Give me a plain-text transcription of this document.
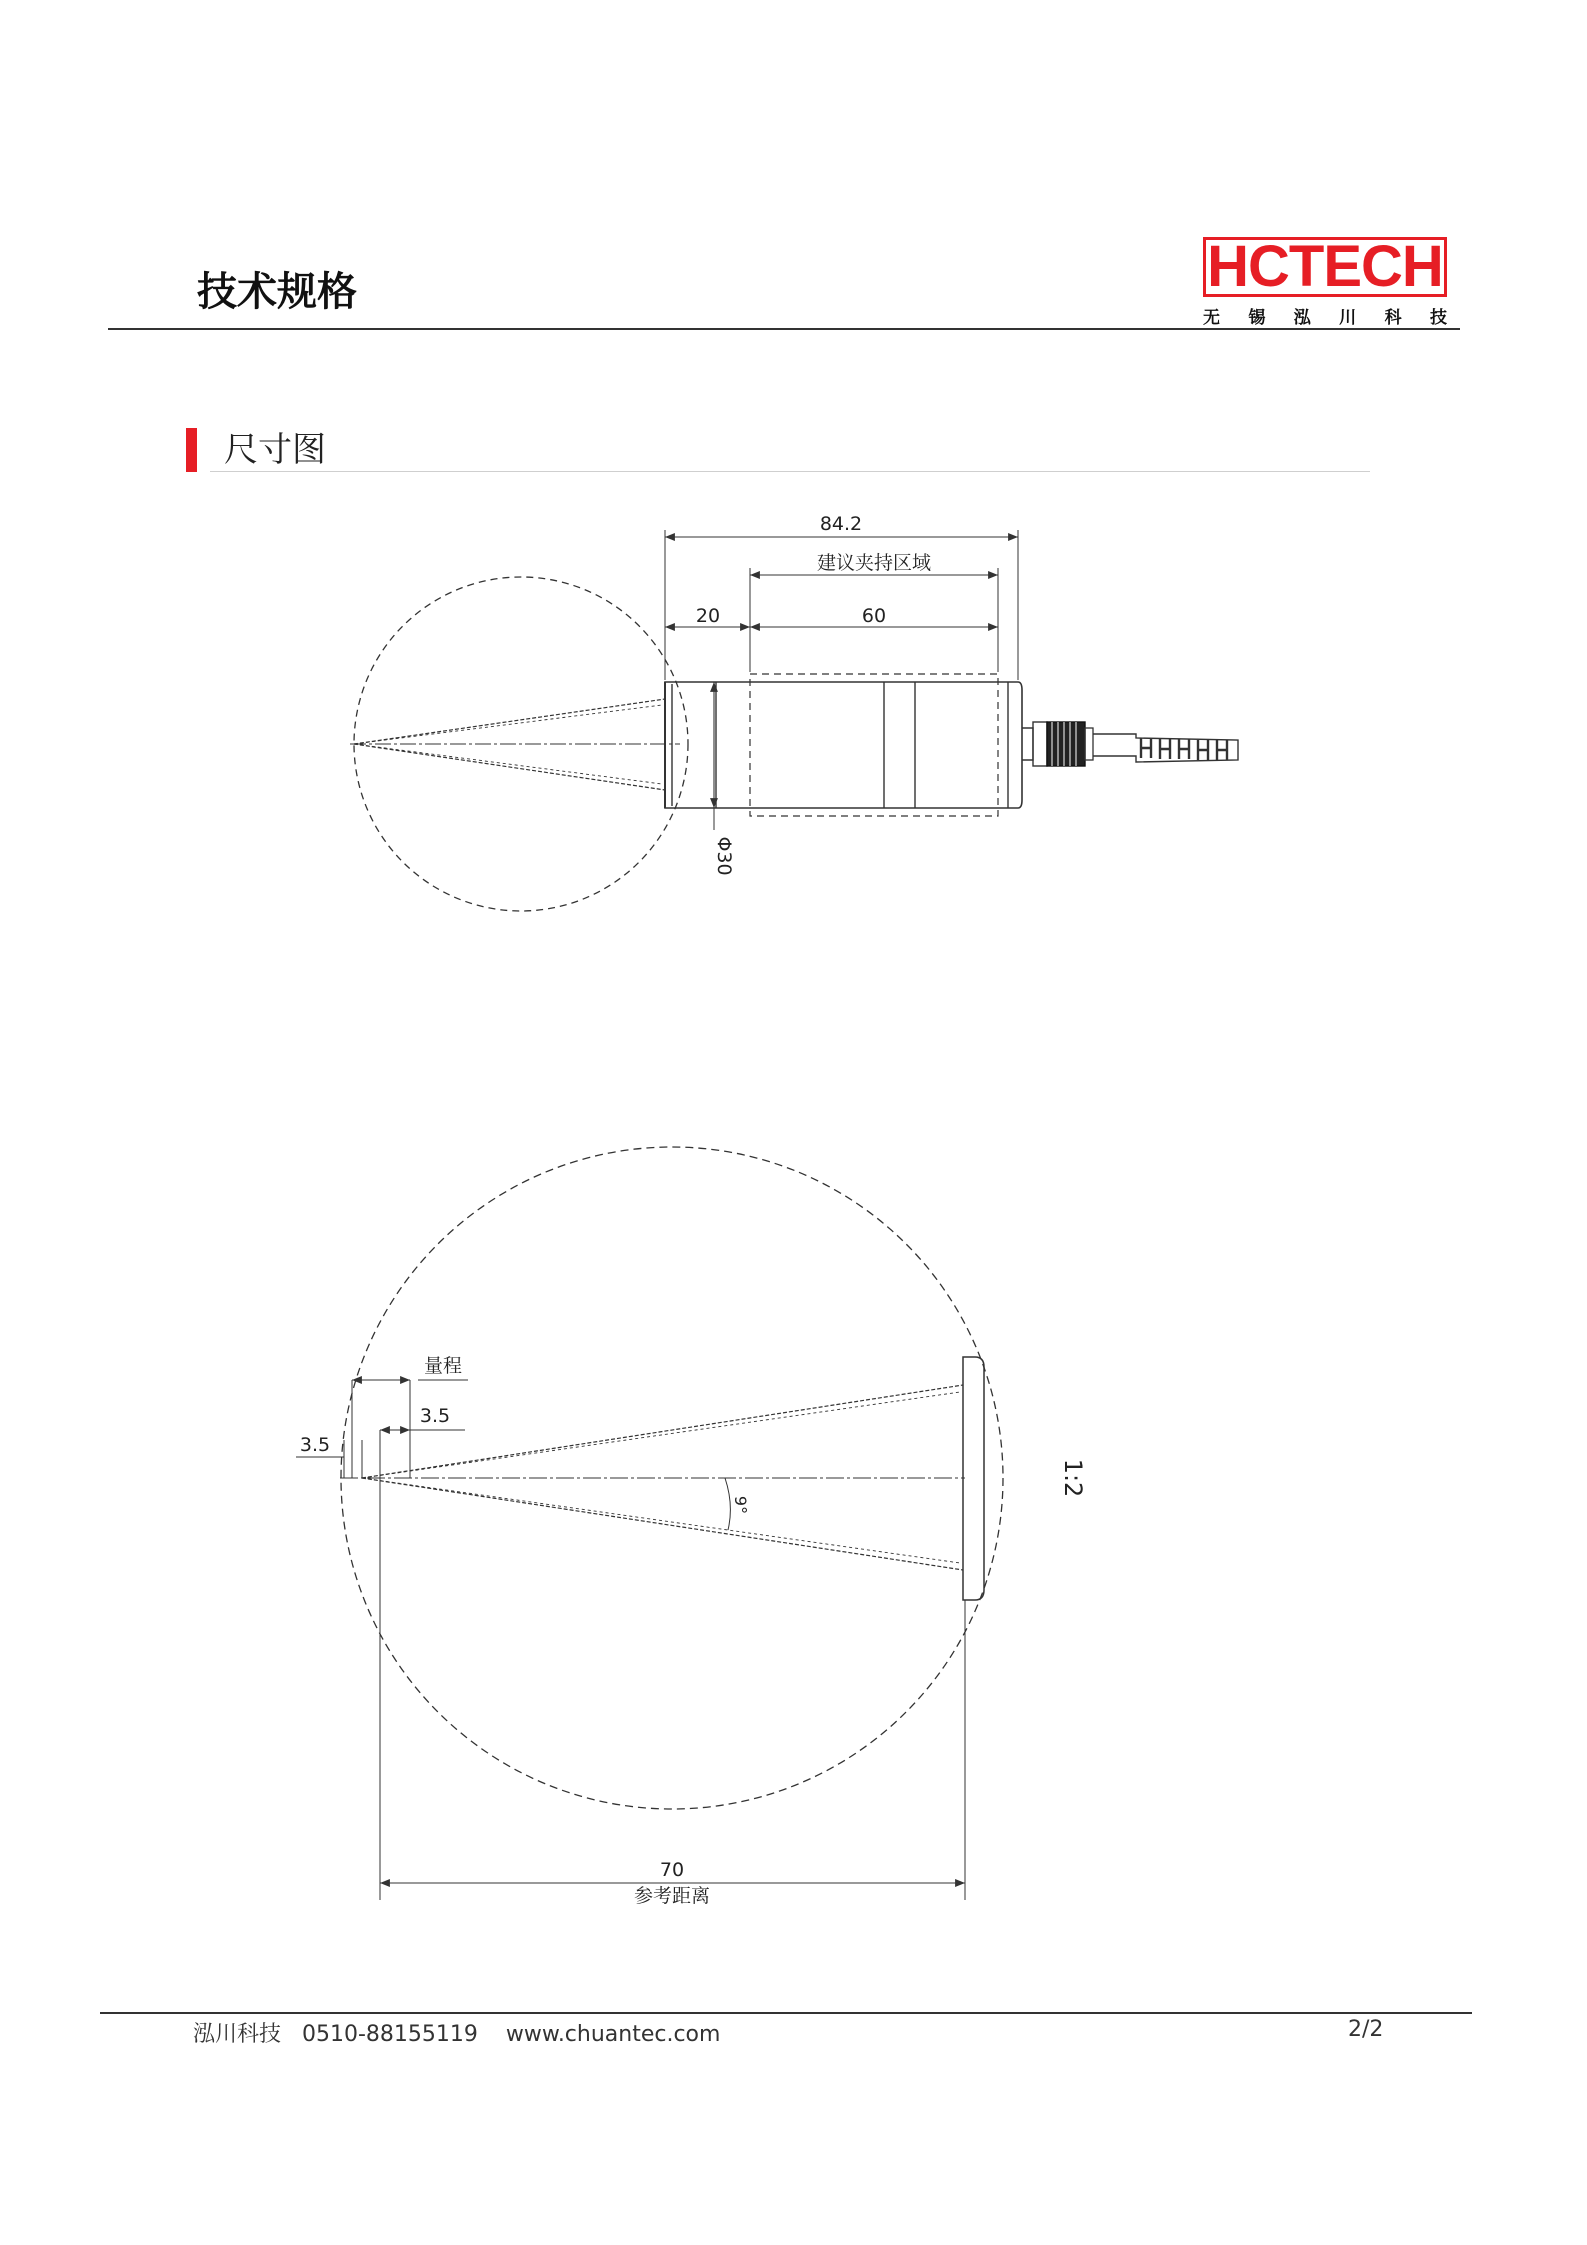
技术规格	HCTECH
无 锡 泓 川 科 技
尺寸图
84.2
建议夹持区域
20	60
Φ30
量程
3.5
3.5
9°
1:2
70
参考距离
泓川科技   0510-88155119    www.chuantec.com	2/2
